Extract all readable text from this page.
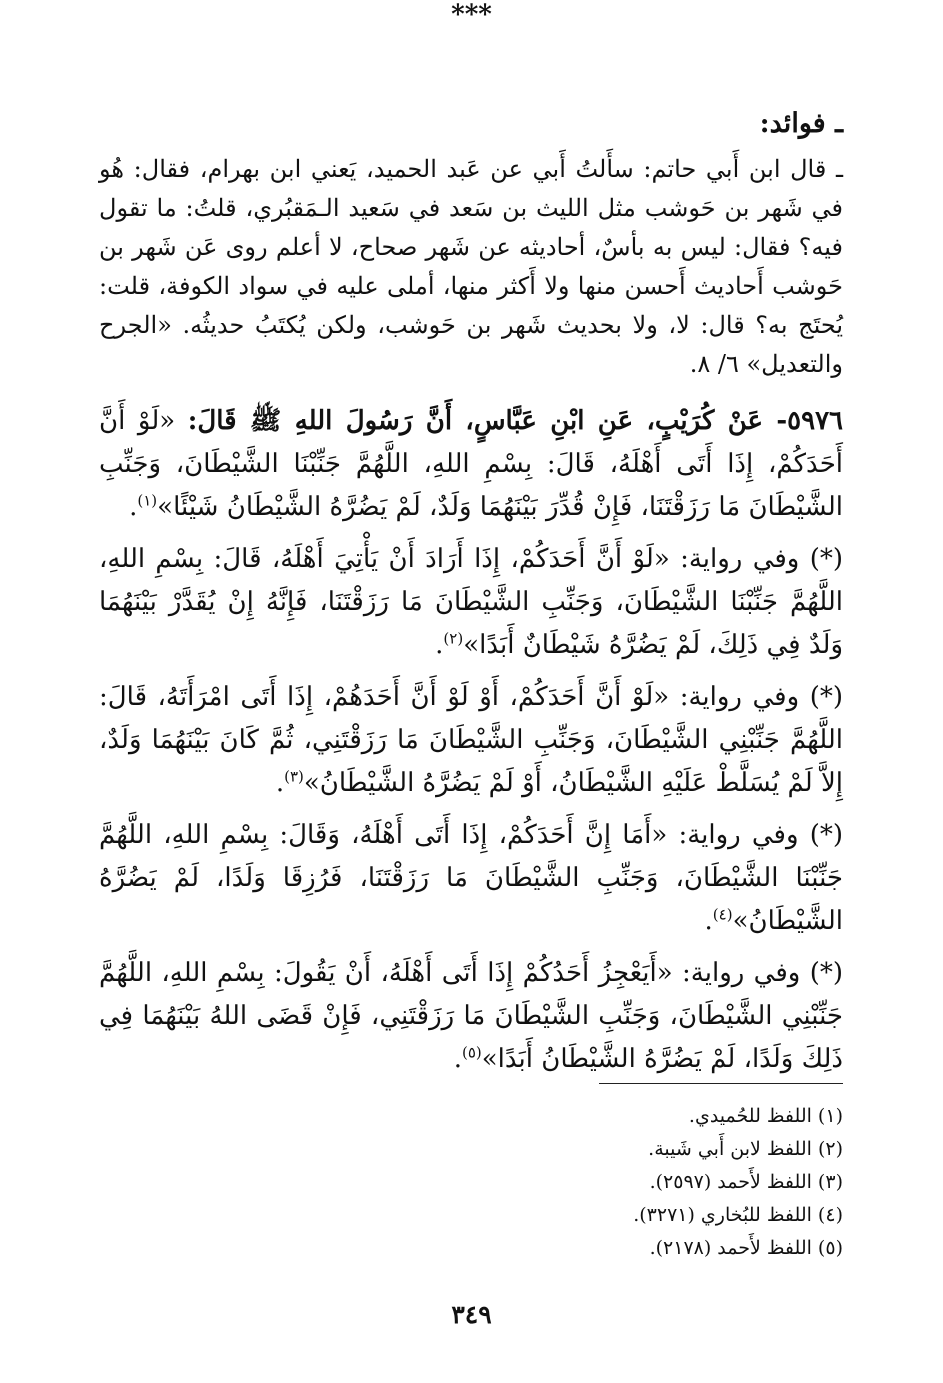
ـ فوائد:
ـ قال ابن أَبي حاتم: سأَلتُ أَبي عن عَبد الحميد، يَعني ابن بهرام، فقال: هُو في شَهر بن حَوشب مثل الليث بن سَعد في سَعيد الـمَقبُري، قلتُ: ما تقول فيه؟ فقال: ليس به بأسٌ، أحاديثه عن شَهر صحاح، لا أعلم روى عَن شَهر بن حَوشب أَحاديث أَحسن منها ولا أَكثر منها، أملى عليه في سواد الكوفة، قلت: يُحتَج به؟ قال: لا، ولا بحديث شَهر بن حَوشب، ولكن يُكتَبُ حديثُه. «الجرح والتعديل» ٦/ ٨.
***

٥٩٧٦- عَنْ كُرَيْبٍ، عَنِ ابْنِ عَبَّاسٍ، أَنَّ رَسُولَ اللهِ ﷺ قَالَ: «لَوْ أَنَّ أَحَدَكُمْ، إِذَا أَتَى أَهْلَهُ، قَالَ: بِسْمِ اللهِ، اللَّهُمَّ جَنِّبْنَا الشَّيْطَانَ، وَجَنِّبِ الشَّيْطَانَ مَا رَزَقْتَنَا، فَإِنْ قُدِّرَ بَيْنَهُمَا وَلَدٌ، لَمْ يَضُرَّهُ الشَّيْطَانُ شَيْئًا»$^{(١)}$.

(*) وفي رواية: «لَوْ أَنَّ أَحَدَكُمْ، إِذَا أَرَادَ أَنْ يَأْتِيَ أَهْلَهُ، قَالَ: بِسْمِ اللهِ، اللَّهُمَّ جَنِّبْنَا الشَّيْطَانَ، وَجَنِّبِ الشَّيْطَانَ مَا رَزَقْتَنَا، فَإِنَّهُ إِنْ يُقَدَّرْ بَيْنَهُمَا وَلَدٌ فِي ذَلِكَ، لَمْ يَضُرَّهُ شَيْطَانٌ أَبَدًا»$^{(٢)}$.

(*) وفي رواية: «لَوْ أَنَّ أَحَدَكُمْ، أَوْ لَوْ أَنَّ أَحَدَهُمْ، إِذَا أَتَى امْرَأَتَهُ، قَالَ: اللَّهُمَّ جَنِّبْنِي الشَّيْطَانَ، وَجَنِّبِ الشَّيْطَانَ مَا رَزَقْتَنِي، ثُمَّ كَانَ بَيْنَهُمَا وَلَدٌ، إِلاَّ لَمْ يُسَلَّطْ عَلَيْهِ الشَّيْطَانُ، أَوْ لَمْ يَضُرَّهُ الشَّيْطَانُ»$^{(٣)}$.

(*) وفي رواية: «أَمَا إِنَّ أَحَدَكُمْ، إِذَا أَتَى أَهْلَهُ، وَقَالَ: بِسْمِ اللهِ، اللَّهُمَّ جَنِّبْنَا الشَّيْطَانَ، وَجَنِّبِ الشَّيْطَانَ مَا رَزَقْتَنَا، فَرُزِقَا وَلَدًا، لَمْ يَضُرَّهُ الشَّيْطَانُ»$^{(٤)}$.

(*) وفي رواية: «أَيَعْجِزُ أَحَدُكُمْ إِذَا أَتَى أَهْلَهُ، أَنْ يَقُولَ: بِسْمِ اللهِ، اللَّهُمَّ جَنِّبْنِي الشَّيْطَانَ، وَجَنِّبِ الشَّيْطَانَ مَا رَزَقْتَنِي، فَإِنْ قَضَى اللهُ بَيْنَهُمَا فِي ذَلِكَ وَلَدًا، لَمْ يَضُرَّهُ الشَّيْطَانُ أَبَدًا»$^{(٥)}$.

(١) اللفظ للحُميدي.
(٢) اللفظ لابن أَبي شَيبة.
(٣) اللفظ لأَحمد (٢٥٩٧).
(٤) اللفظ للبُخاري (٣٢٧١).
(٥) اللفظ لأَحمد (٢١٧٨).
٣٤٩
